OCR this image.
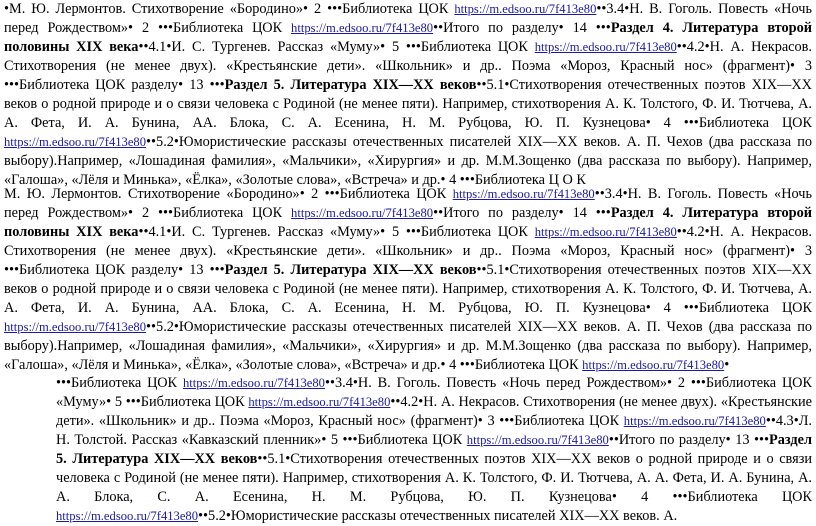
•М. Ю. Лермонтов. Стихотворение «Бородино»• 2 •••Библиотека ЦОК https://m.edsoo.ru/7f413e80••3.4•Н. В. Гоголь. Повесть «Ночь перед Рождеством»• 2 •••Библиотека ЦОК https://m.edsoo.ru/7f413e80••Итого по разделу• 14 •••Раздел 4. Литература второй половины XIX века••4.1•И. С. Тургенев. Рассказ «Муму»• 5 •••Библиотека ЦОК https://m.edsoo.ru/7f413e80••4.2•Н. А. Некрасов. Стихотворения (не менее двух). «Крестьянские дети». «Школьник» и др.. Поэма «Мороз, Красный нос» (фрагмент)• 3 •••Библиотека ЦОК разделу• 13 •••Раздел 5. Литература XIX—XX веков••5.1•Стихотворения отечественных поэтов XIX—XX веков о родной природе и о связи человека с Родиной (не менее пяти). Например, стихотворения А. К. Толстого, Ф. И. Тютчева, А. А. Фета, И. А. Бунина, АА. Блока, С. А. Есенина, Н. М. Рубцова, Ю. П. Кузнецова• 4 •••Библиотека ЦОК https://m.edsoo.ru/7f413e80••5.2•Юмористические рассказы отечественных писателей XIX—XX веков. А. П. Чехов (два рассказа по выбору).Например, «Лошадиная фамилия», «Мальчики», «Хирургия» и др. М.М.Зощенко (два рассказа по выбору). Например, «Галоша», «Лёля и Минька», «Ёлка», «Золотые слова», «Встреча» и др.• 4 •••Библиотека Ц О К

М. Ю. Лермонтов. Стихотворение «Бородино»• 2 •••Библиотека ЦОК https://m.edsoo.ru/7f413e80••3.4•Н. В. Гоголь. Повесть «Ночь перед Рождеством»• 2 •••Библиотека ЦОК https://m.edsoo.ru/7f413e80••Итого по разделу• 14 •••Раздел 4. Литература второй половины XIX века••4.1•И. С. Тургенев. Рассказ «Муму»• 5 •••Библиотека ЦОК https://m.edsoo.ru/7f413e80••4.2•Н. А. Некрасов. Стихотворения (не менее двух). «Крестьянские дети». «Школьник» и др.. Поэма «Мороз, Красный нос» (фрагмент)• 3 •••Библиотека ЦОК разделу• 13 •••Раздел 5. Литература XIX—XX веков••5.1•Стихотворения отечественных поэтов XIX—XX веков о родной природе и о связи человека с Родиной (не менее пяти). Например, стихотворения А. К. Толстого, Ф. И. Тютчева, А. А. Фета, И. А. Бунина, АА. Блока, С. А. Есенина, Н. М. Рубцова, Ю. П. Кузнецова• 4 •••Библиотека ЦОК https://m.edsoo.ru/7f413e80••5.2•Юмористические рассказы отечественных писателей XIX—XX веков. А. П. Чехов (два рассказа по выбору).Например, «Лошадиная фамилия», «Мальчики», «Хирургия» и др. М.М.Зощенко (два рассказа по выбору). Например, «Галоша», «Лёля и Минька», «Ёлка», «Золотые слова», «Встреча» и др.• 4 •••Библиотека ЦОК https://m.edsoo.ru/7f413e80•

•••Библиотека ЦОК https://m.edsoo.ru/7f413e80••3.4•Н. В. Гоголь. Повесть «Ночь перед Рождеством»• 2 •••Библиотека ЦОК «Муму»• 5 •••Библиотека ЦОК https://m.edsoo.ru/7f413e80••4.2•Н. А. Некрасов. Стихотворения (не менее двух). «Крестьянские дети». «Школьник» и др.. Поэма «Мороз, Красный нос» (фрагмент)• 3 •••Библиотека ЦОК https://m.edsoo.ru/7f413e80••4.3•Л. Н. Толстой. Рассказ «Кавказский пленник»• 5 •••Библиотека ЦОК https://m.edsoo.ru/7f413e80••Итого по разделу• 13 •••Раздел 5. Литература XIX—XX веков••5.1•Стихотворения отечественных поэтов XIX—XX веков о родной природе и о связи человека с Родиной (не менее пяти). Например, стихотворения А. К. Толстого, Ф. И. Тютчева, А. А. Фета, И. А. Бунина, А. А. Блока, С. А. Есенина, Н. М. Рубцова, Ю. П. Кузнецова• 4 •••Библиотека ЦОК https://m.edsoo.ru/7f413e80••5.2•Юмористические рассказы отечественных писателей XIX—XX веков. А.
